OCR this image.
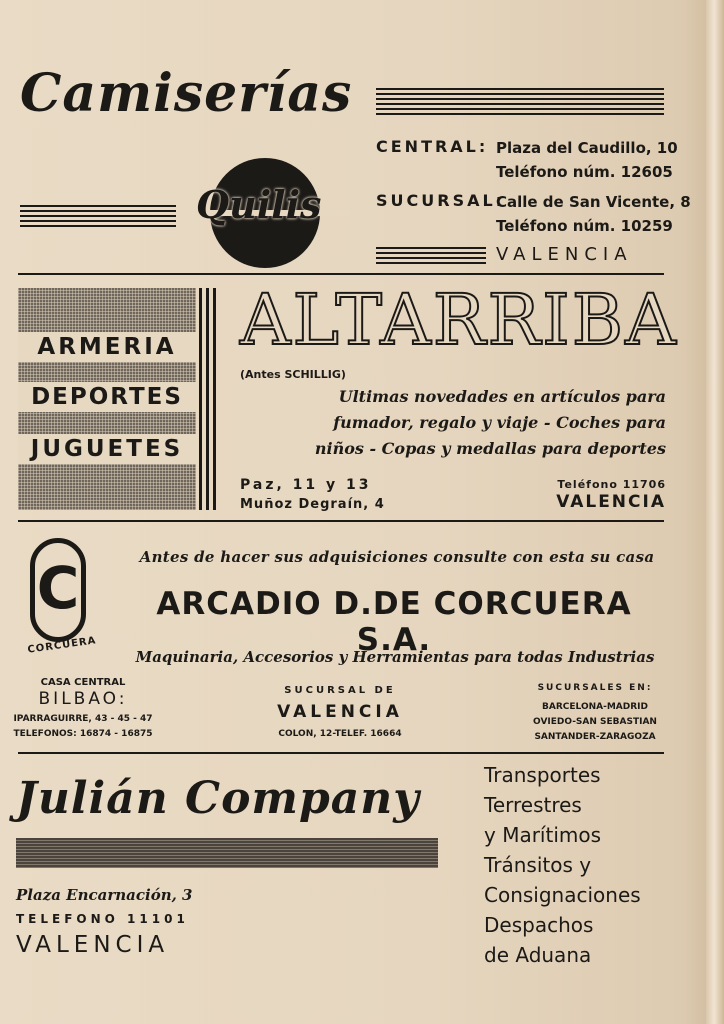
Camiserías
Quilis
CENTRAL: Plaza del Caudillo, 10
Teléfono núm. 12605
SUCURSAL:
Calle de San Vicente, 8
Teléfono núm. 10259
VALENCIA
ARMERIA
DEPORTES
JUGUETES
ALTARRIBA
(Antes SCHILLIG)
Ultimas novedades en artículos para
fumador, regalo y viaje - Coches para
niños - Copas y medallas para deportes
Paz, 11 y 13
Muñoz Degraín, 4
Teléfono 11706
VALENCIA
C
CORCUERA
Antes de hacer sus adquisiciones consulte con esta su casa
ARCADIO D.DE CORCUERA S.A.
Maquinaria, Accesorios y Herramientas para todas Industrias
CASA CENTRAL
BILBAO:
IPARRAGUIRRE, 43 - 45 - 47
TELEFONOS: 16874 - 16875
SUCURSAL DE
VALENCIA
COLON, 12-TELEF. 16664
SUCURSALES EN:
BARCELONA-MADRID
OVIEDO-SAN SEBASTIAN
SANTANDER-ZARAGOZA
Julián Company
Plaza Encarnación, 3
TELEFONO 11101
VALENCIA
Transportes
Terrestres
y Marítimos
Tránsitos y
Consignaciones
Despachos
de Aduana
